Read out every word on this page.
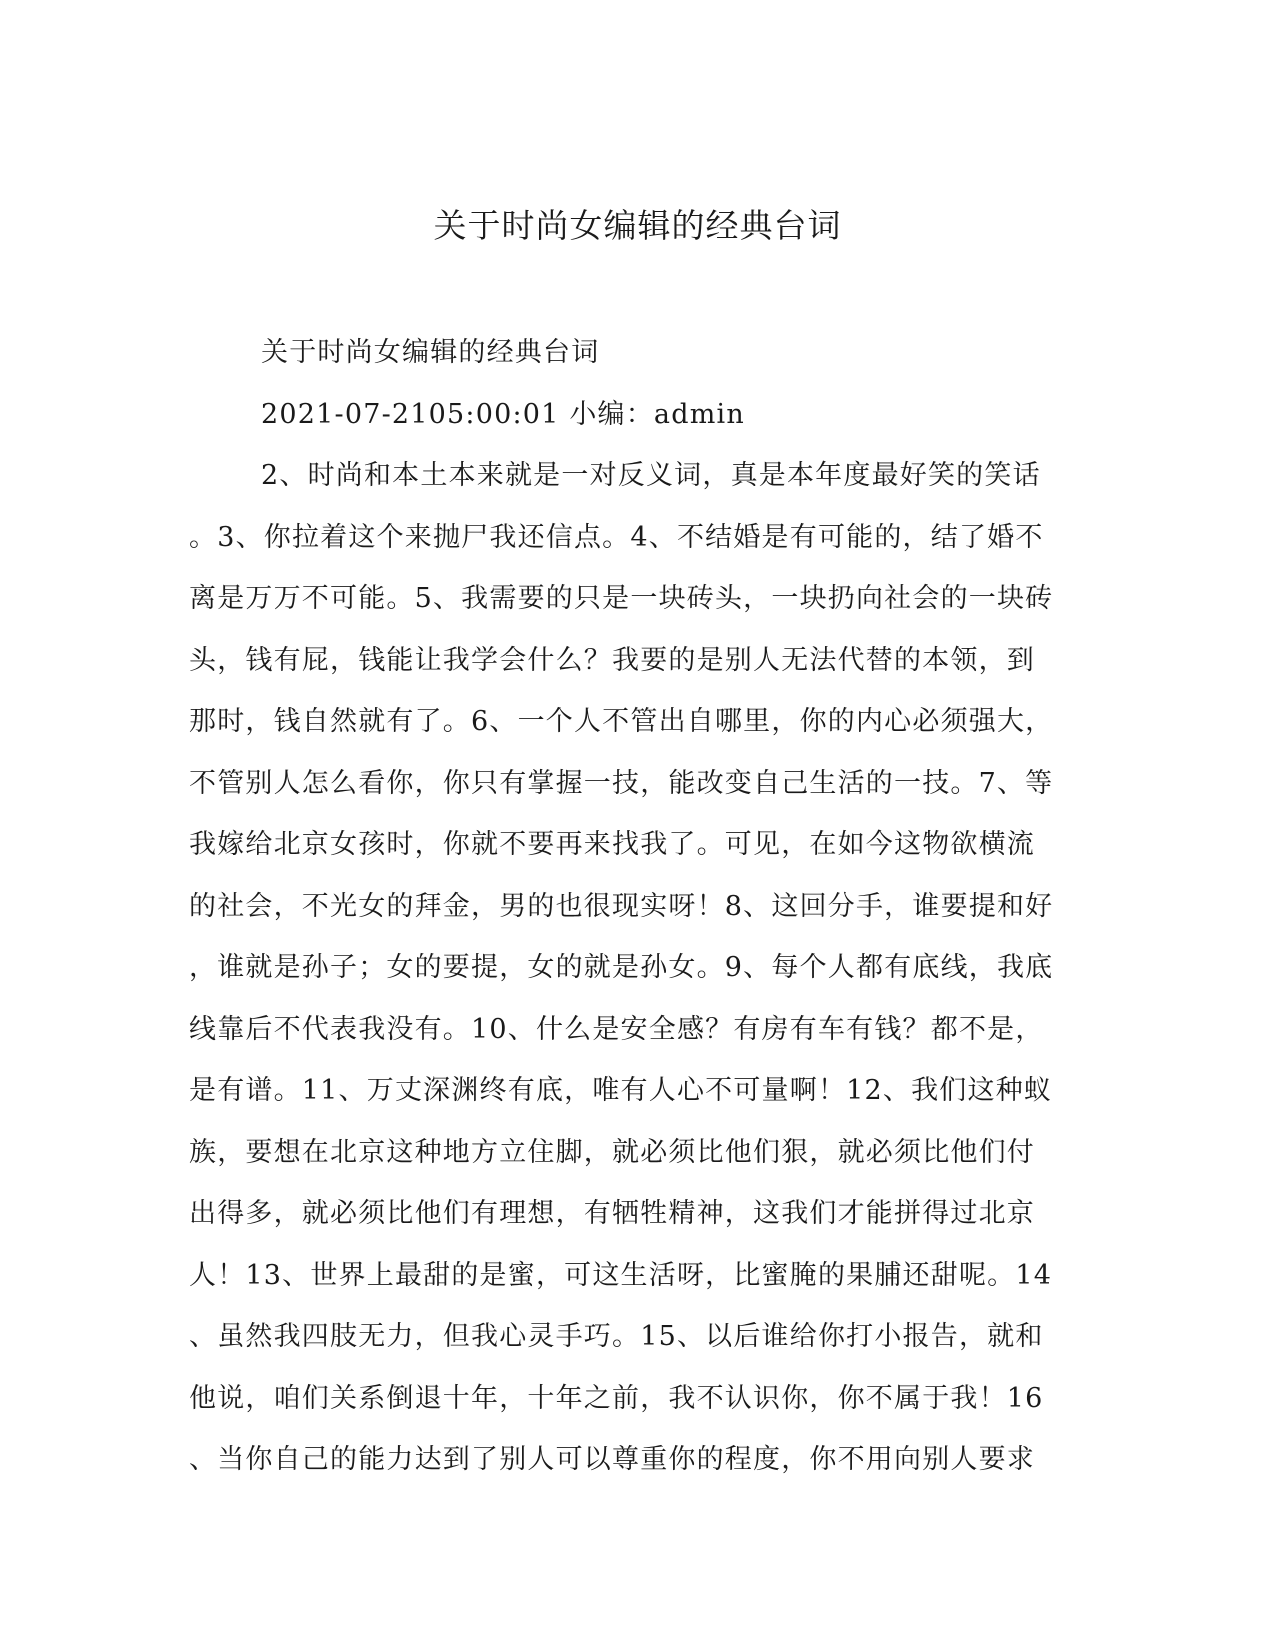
关于时尚女编辑的经典台词
关于时尚女编辑的经典台词
2021-07-2105:00:01 小编：admin
2、时尚和本土本来就是一对反义词，真是本年度最好笑的笑话
。3、你拉着这个来抛尸我还信点。4、不结婚是有可能的，结了婚不
离是万万不可能。5、我需要的只是一块砖头，一块扔向社会的一块砖
头，钱有屁，钱能让我学会什么？我要的是别人无法代替的本领，到
那时，钱自然就有了。6、一个人不管出自哪里，你的内心必须强大，
不管别人怎么看你，你只有掌握一技，能改变自己生活的一技。7、等
我嫁给北京女孩时，你就不要再来找我了。可见，在如今这物欲横流
的社会，不光女的拜金，男的也很现实呀！8、这回分手，谁要提和好
，谁就是孙子；女的要提，女的就是孙女。9、每个人都有底线，我底
线靠后不代表我没有。10、什么是安全感？有房有车有钱？都不是，
是有谱。11、万丈深渊终有底，唯有人心不可量啊！12、我们这种蚁
族，要想在北京这种地方立住脚，就必须比他们狠，就必须比他们付
出得多，就必须比他们有理想，有牺牲精神，这我们才能拼得过北京
人！13、世界上最甜的是蜜，可这生活呀，比蜜腌的果脯还甜呢。14
、虽然我四肢无力，但我心灵手巧。15、以后谁给你打小报告，就和
他说，咱们关系倒退十年，十年之前，我不认识你，你不属于我！16
、当你自己的能力达到了别人可以尊重你的程度，你不用向别人要求
